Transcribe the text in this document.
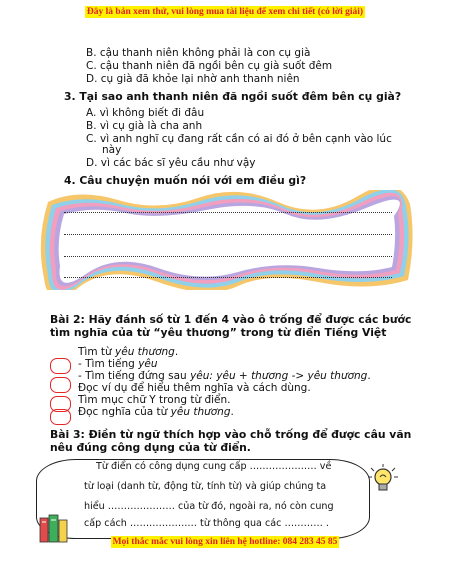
Đây là bản xem thử, vui lòng mua tài liệu để xem chi tiết (có lời giải)
B. cậu thanh niên không phải là con cụ già
C. cậu thanh niên đã ngồi bên cụ già suốt đêm
D. cụ già đã khỏe lại nhờ anh thanh niên
3. Tại sao anh thanh niên đã ngồi suốt đêm bên cụ già?
A. vì không biết đi đâu
B. vì cụ già là cha anh
C. vì anh nghĩ cụ đang rất cần có ai đó ở bên cạnh vào lúc
này
D. vì các bác sĩ yêu cầu như vậy
4. Câu chuyện muốn nói với em điều gì?
Bài 2: Hãy đánh số từ 1 đến 4 vào ô trống để được các bước
tìm nghĩa của từ “yêu thương” trong từ điển Tiếng Việt
Tìm từ yêu thương.
- Tìm tiếng yêu
- Tìm tiếng đứng sau yêu: yêu + thương -> yêu thương.
Đọc ví dụ để hiểu thêm nghĩa và cách dùng.
Tìm mục chữ Y trong từ điển.
Đọc nghĩa của từ yêu thương.
Bài 3: Điền từ ngữ thích hợp vào chỗ trống để được câu văn
nêu đúng công dụng của từ điển.
Từ điển có công dụng cung cấp ………………… về
từ loại (danh từ, động từ, tính từ) và giúp chúng ta
hiểu ………………… của từ đó, ngoài ra, nó còn cung
cấp cách ………………… từ thông qua các ………… .
Mọi thắc mắc vui lòng xin liên hệ hotline: 084 283 45 85
